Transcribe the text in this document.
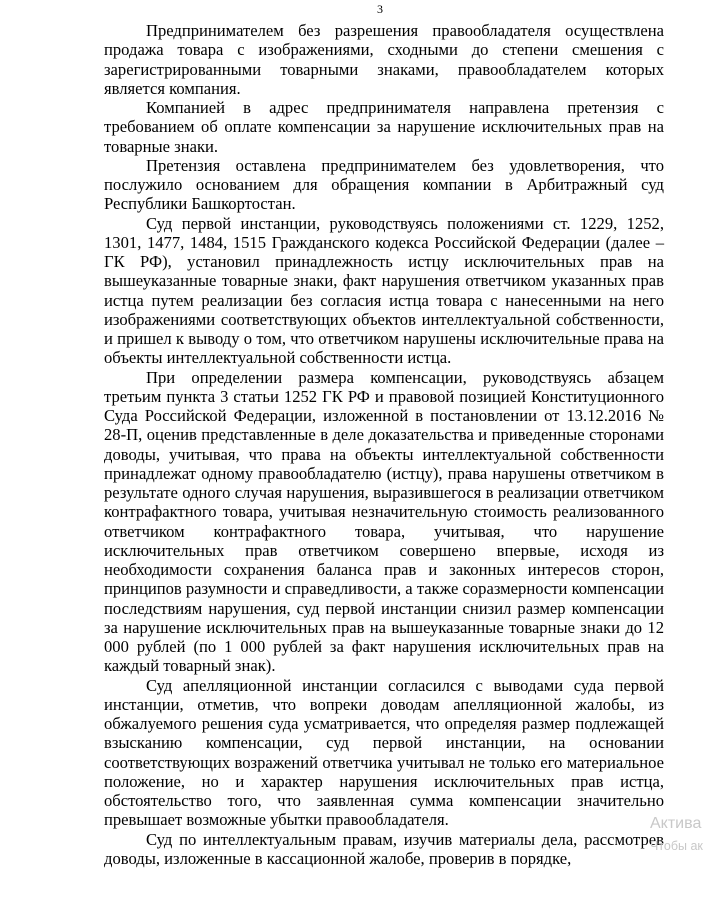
3

Предпринимателем без разрешения правообладателя осуществлена продажа товара с изображениями, сходными до степени смешения с зарегистрированными товарными знаками, правообладателем которых является компания.

Компанией в адрес предпринимателя направлена претензия с требованием об оплате компенсации за нарушение исключительных прав на товарные знаки.

Претензия оставлена предпринимателем без удовлетворения, что послужило основанием для обращения компании в Арбитражный суд Республики Башкортостан.

Суд первой инстанции, руководствуясь положениями ст. 1229, 1252, 1301, 1477, 1484, 1515 Гражданского кодекса Российской Федерации (далее – ГК РФ), установил принадлежность истцу исключительных прав на вышеуказанные товарные знаки, факт нарушения ответчиком указанных прав истца путем реализации без согласия истца товара с нанесенными на него изображениями соответствующих объектов интеллектуальной собственности, и пришел к выводу о том, что ответчиком нарушены исключительные права на объекты интеллектуальной собственности истца.

При определении размера компенсации, руководствуясь абзацем третьим пункта 3 статьи 1252 ГК РФ и правовой позицией Конституционного Суда Российской Федерации, изложенной в постановлении от 13.12.2016 № 28-П, оценив представленные в деле доказательства и приведенные сторонами доводы, учитывая, что права на объекты интеллектуальной собственности принадлежат одному правообладателю (истцу), права нарушены ответчиком в результате одного случая нарушения, выразившегося в реализации ответчиком контрафактного товара, учитывая незначительную стоимость реализованного ответчиком контрафактного товара, учитывая, что нарушение исключительных прав ответчиком совершено впервые, исходя из необходимости сохранения баланса прав и законных интересов сторон, принципов разумности и справедливости, а также соразмерности компенсации последствиям нарушения, суд первой инстанции снизил размер компенсации за нарушение исключительных прав на вышеуказанные товарные знаки до 12 000 рублей (по 1 000 рублей за факт нарушения исключительных прав на каждый товарный знак).

Суд апелляционной инстанции согласился с выводами суда первой инстанции, отметив, что вопреки доводам апелляционной жалобы, из обжалуемого решения суда усматривается, что определяя размер подлежащей взысканию компенсации, суд первой инстанции, на основании соответствующих возражений ответчика учитывал не только его материальное положение, но и характер нарушения исключительных прав истца, обстоятельство того, что заявленная сумма компенсации значительно превышает возможные убытки правообладателя.

Суд по интеллектуальным правам, изучив материалы дела, рассмотрев доводы, изложенные в кассационной жалобе, проверив в порядке,

Актива
Чтобы ак
